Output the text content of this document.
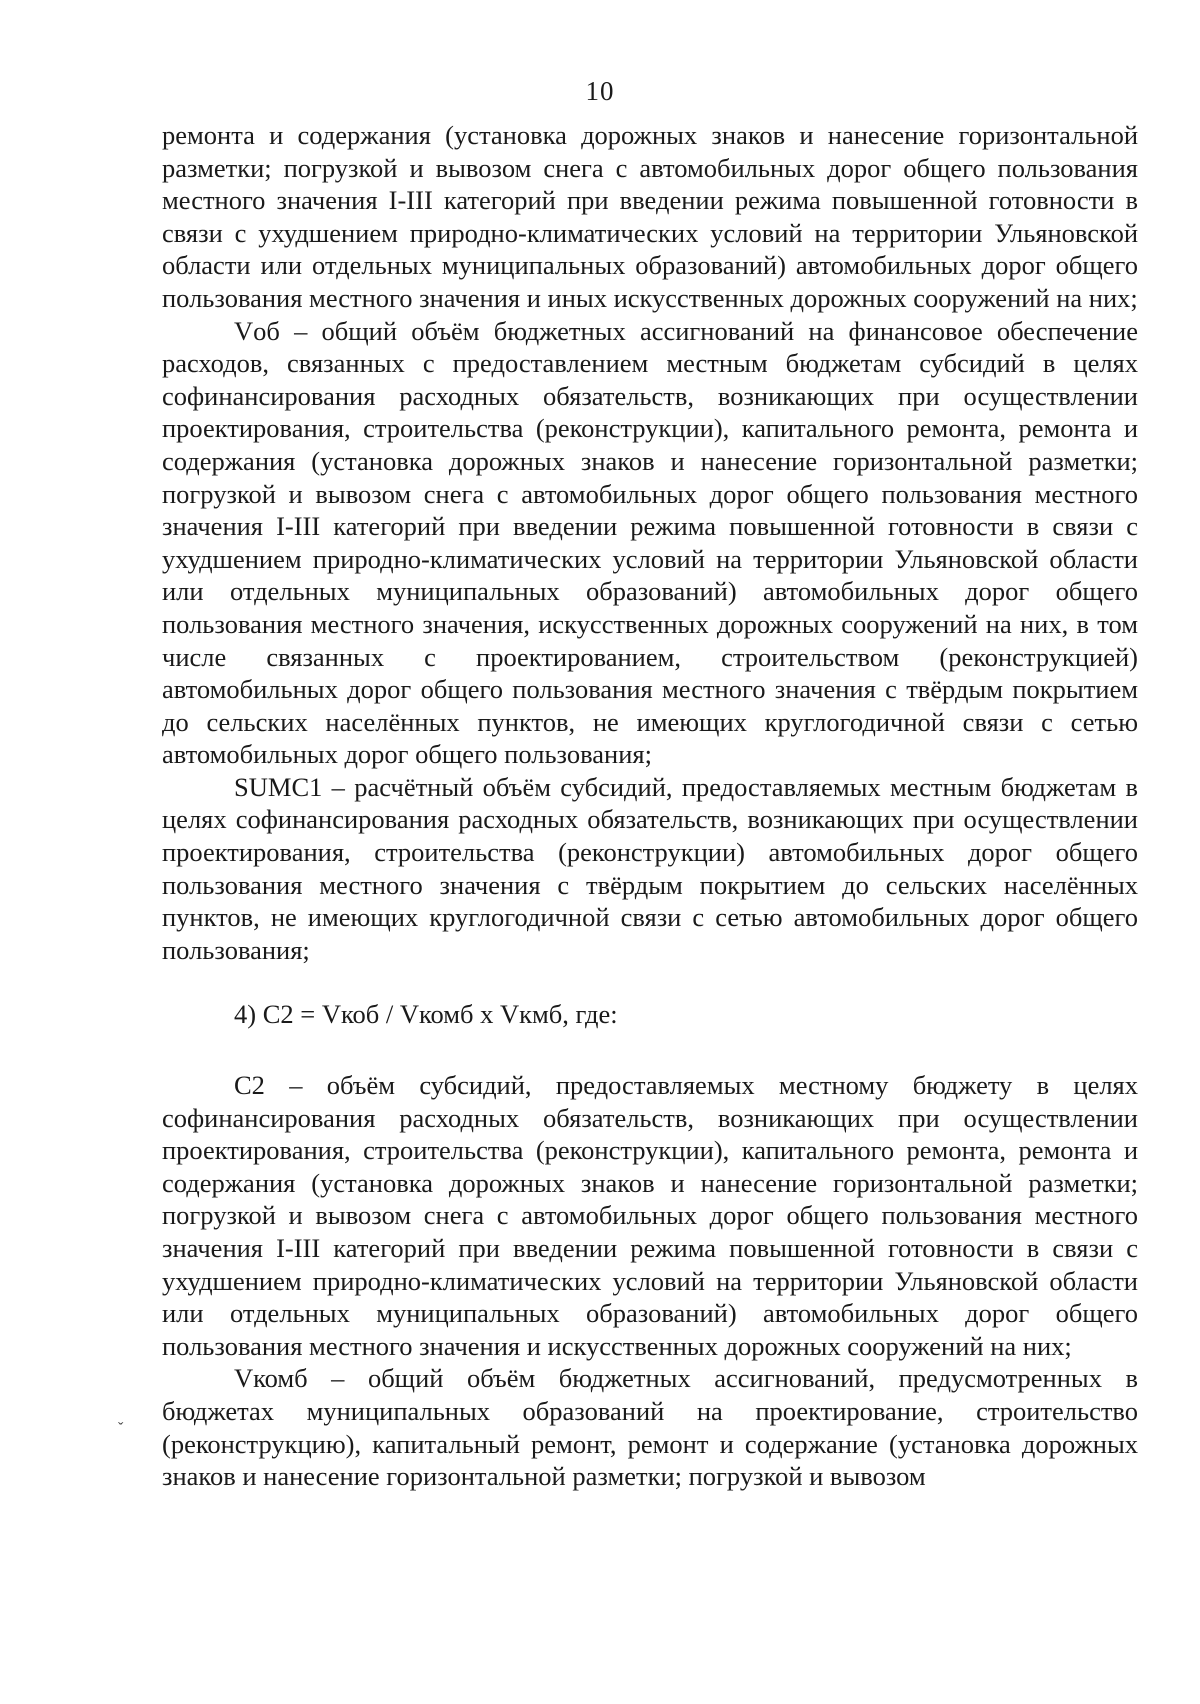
10

ремонта и содержания (установка дорожных знаков и нанесение горизонтальной разметки; погрузкой и вывозом снега с автомобильных дорог общего пользования местного значения I-III категорий при введении режима повышенной готовности в связи с ухудшением природно-климатических условий на территории Ульяновской области или отдельных муниципальных образований) автомобильных дорог общего пользования местного значения и иных искусственных дорожных сооружений на них;

Vоб – общий объём бюджетных ассигнований на финансовое обеспечение расходов, связанных с предоставлением местным бюджетам субсидий в целях софинансирования расходных обязательств, возникающих при осуществлении проектирования, строительства (реконструкции), капитального ремонта, ремонта и содержания (установка дорожных знаков и нанесение горизонтальной разметки; погрузкой и вывозом снега с автомобильных дорог общего пользования местного значения I-III категорий при введении режима повышенной готовности в связи с ухудшением природно-климатических условий на территории Ульяновской области или отдельных муниципальных образований) автомобильных дорог общего пользования местного значения, искусственных дорожных сооружений на них, в том числе связанных с проектированием, строительством (реконструкцией) автомобильных дорог общего пользования местного значения с твёрдым покрытием до сельских населённых пунктов, не имеющих круглогодичной связи с сетью автомобильных дорог общего пользования;

SUMC1 – расчётный объём субсидий, предоставляемых местным бюджетам в целях софинансирования расходных обязательств, возникающих при осуществлении проектирования, строительства (реконструкции) автомобильных дорог общего пользования местного значения с твёрдым покрытием до сельских населённых пунктов, не имеющих круглогодичной связи с сетью автомобильных дорог общего пользования;

4) С2 = Vкоб / Vкомб х Vкмб, где:

С2 – объём субсидий, предоставляемых местному бюджету в целях софинансирования расходных обязательств, возникающих при осуществлении проектирования, строительства (реконструкции), капитального ремонта, ремонта и содержания (установка дорожных знаков и нанесение горизонтальной разметки; погрузкой и вывозом снега с автомобильных дорог общего пользования местного значения I-III категорий при введении режима повышенной готовности в связи с ухудшением природно-климатических условий на территории Ульяновской области или отдельных муниципальных образований) автомобильных дорог общего пользования местного значения и искусственных дорожных сооружений на них;

Vкомб – общий объём бюджетных ассигнований, предусмотренных в бюджетах муниципальных образований на проектирование, строительство (реконструкцию), капитальный ремонт, ремонт и содержание (установка дорожных знаков и нанесение горизонтальной разметки; погрузкой и вывозом

ˇ
